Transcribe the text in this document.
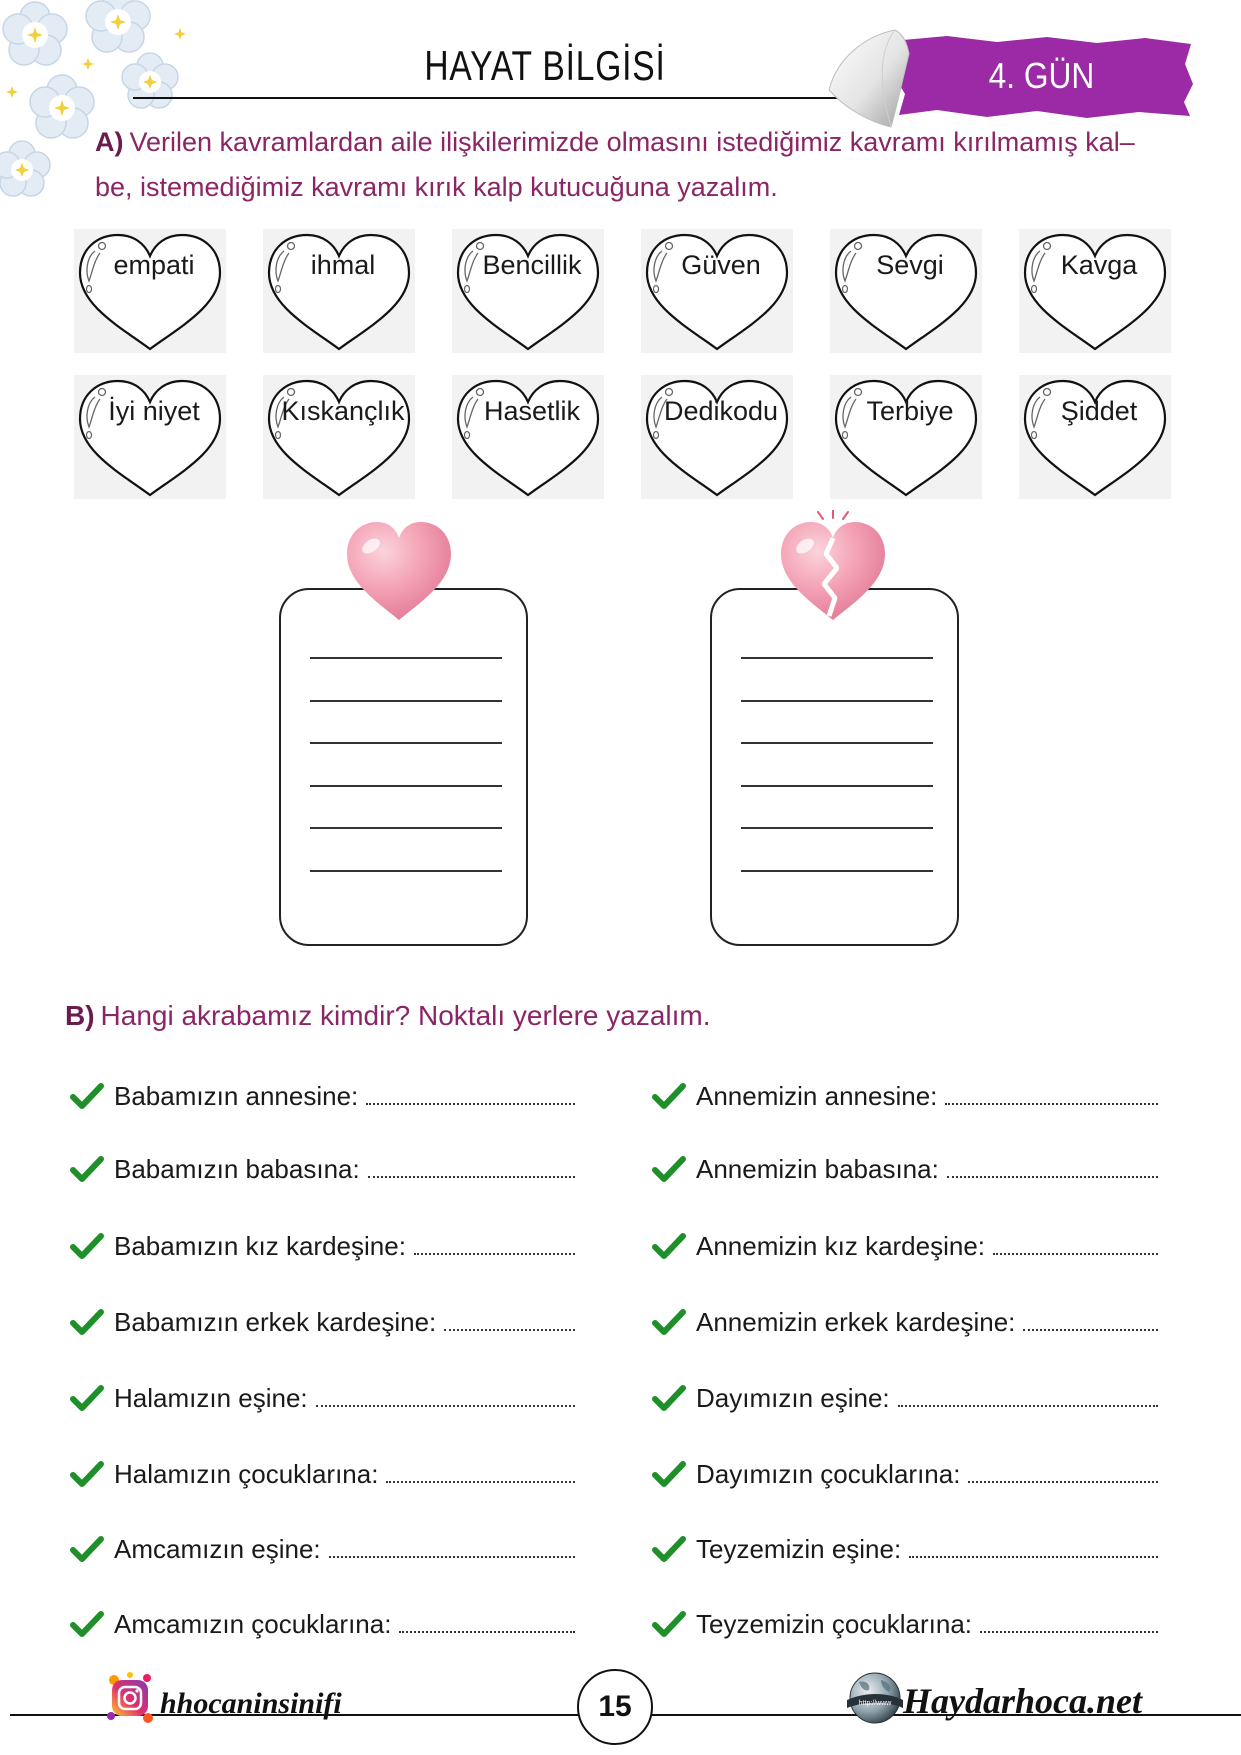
HAYAT BİLGİSİ	4. GÜN
A) Verilen kavramlardan aile ilişkilerimizde olmasını istediğimiz kavramı kırılmamış kal–
be, istemediğimiz kavramı kırık kalp kutucuğuna yazalım.
empati	ihmal	Bencillik	Güven	Sevgi	Kavga
İyi niyet	Kıskançlık	Hasetlik	Dedikodu	Terbiye	Şiddet
B) Hangi akrabamız kimdir? Noktalı yerlere yazalım.
Babamızın annesine:
Babamızın babasına:
Babamızın kız kardeşine:
Babamızın erkek kardeşine:
Halamızın eşine:
Halamızın çocuklarına:
Amcamızın eşine:
Amcamızın çocuklarına:
Annemizin annesine:
Annemizin babasına:
Annemizin kız kardeşine:
Annemizin erkek kardeşine:
Dayımızın eşine:
Dayımızın çocuklarına:
Teyzemizin eşine:
Teyzemizin çocuklarına:
hhocaninsinifi	15	http://www Haydarhoca.net
